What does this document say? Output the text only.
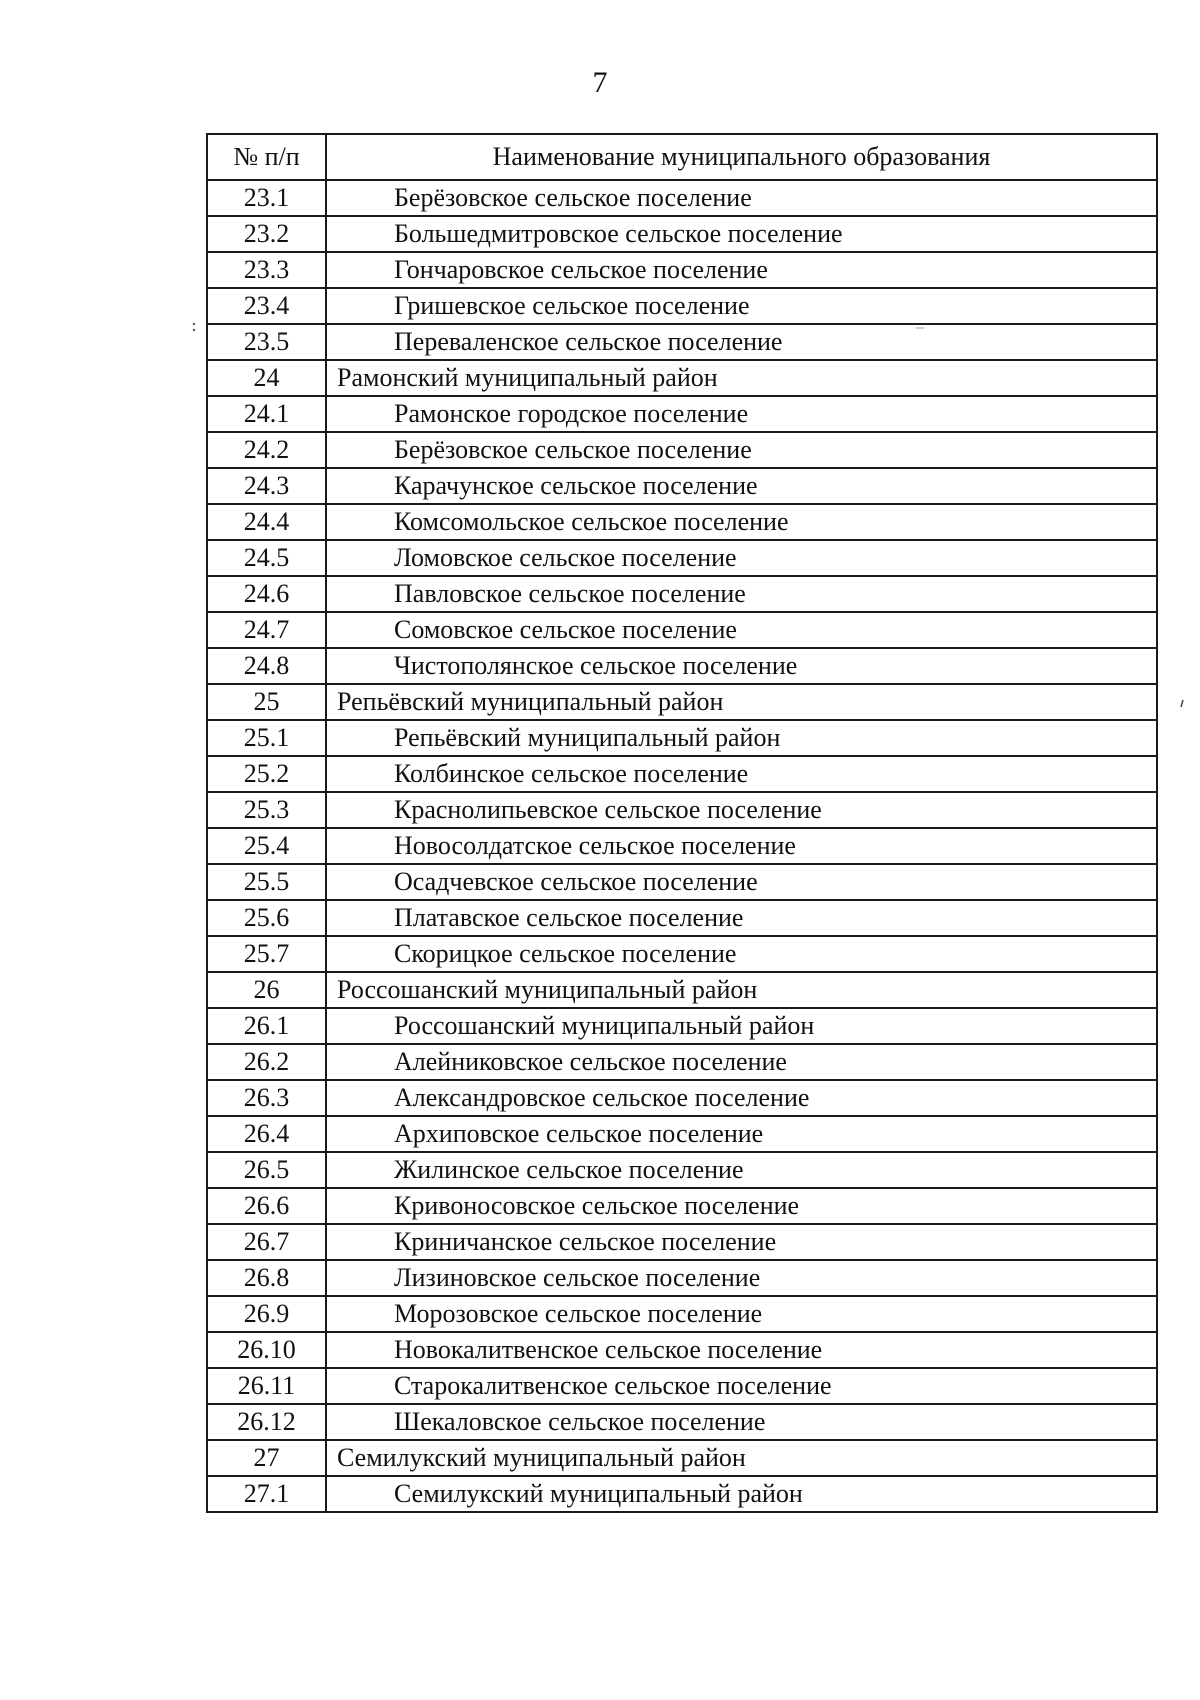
7
№ п/п	Наименование муниципального образования
23.1	Берёзовское сельское поселение
23.2	Большедмитровское сельское поселение
23.3	Гончаровское сельское поселение
23.4	Гришевское сельское поселение
23.5	Переваленское сельское поселение
24	Рамонский муниципальный район
24.1	Рамонское городское поселение
24.2	Берёзовское сельское поселение
24.3	Карачунское сельское поселение
24.4	Комсомольское сельское поселение
24.5	Ломовское сельское поселение
24.6	Павловское сельское поселение
24.7	Сомовское сельское поселение
24.8	Чистополянское сельское поселение
25	Репьёвский муниципальный район
25.1	Репьёвский муниципальный район
25.2	Колбинское сельское поселение
25.3	Краснолипьевское сельское поселение
25.4	Новосолдатское сельское поселение
25.5	Осадчевское сельское поселение
25.6	Платавское сельское поселение
25.7	Скорицкое сельское поселение
26	Россошанский муниципальный район
26.1	Россошанский муниципальный район
26.2	Алейниковское сельское поселение
26.3	Александровское сельское поселение
26.4	Архиповское сельское поселение
26.5	Жилинское сельское поселение
26.6	Кривоносовское сельское поселение
26.7	Криничанское сельское поселение
26.8	Лизиновское сельское поселение
26.9	Морозовское сельское поселение
26.10	Новокалитвенское сельское поселение
26.11	Старокалитвенское сельское поселение
26.12	Шекаловское сельское поселение
27	Семилукский муниципальный район
27.1	Семилукский муниципальный район
